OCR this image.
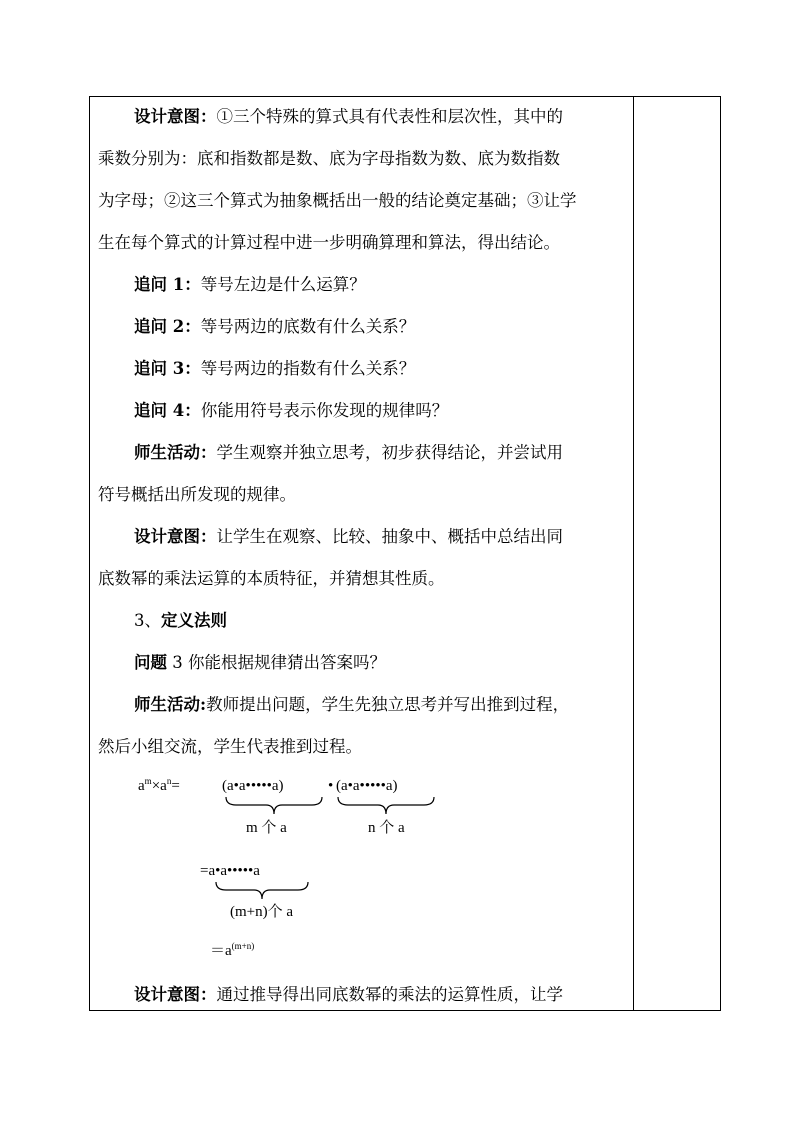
设计意图：①三个特殊的算式具有代表性和层次性，其中的
乘数分别为：底和指数都是数、底为字母指数为数、底为数指数
为字母；②这三个算式为抽象概括出一般的结论奠定基础；③让学
生在每个算式的计算过程中进一步明确算理和算法，得出结论。
追问 1：等号左边是什么运算？
追问 2：等号两边的底数有什么关系？
追问 3：等号两边的指数有什么关系？
追问 4：你能用符号表示你发现的规律吗？
师生活动：学生观察并独立思考，初步获得结论，并尝试用
符号概括出所发现的规律。
设计意图：让学生在观察、比较、抽象中、概括中总结出同
底数幂的乘法运算的本质特征，并猜想其性质。
3、定义法则
问题 3 你能根据规律猜出答案吗？
师生活动:教师提出问题，学生先独立思考并写出推到过程，
然后小组交流，学生代表推到过程。
$a^m\times a^n=$	(a•a•••••a)	• (a•a•••••a)
m 个 a	n 个 a
=a•a•••••a
(m+n)个 a
$=a^{(m+n)}$
设计意图：通过推导得出同底数幂的乘法的运算性质，让学
